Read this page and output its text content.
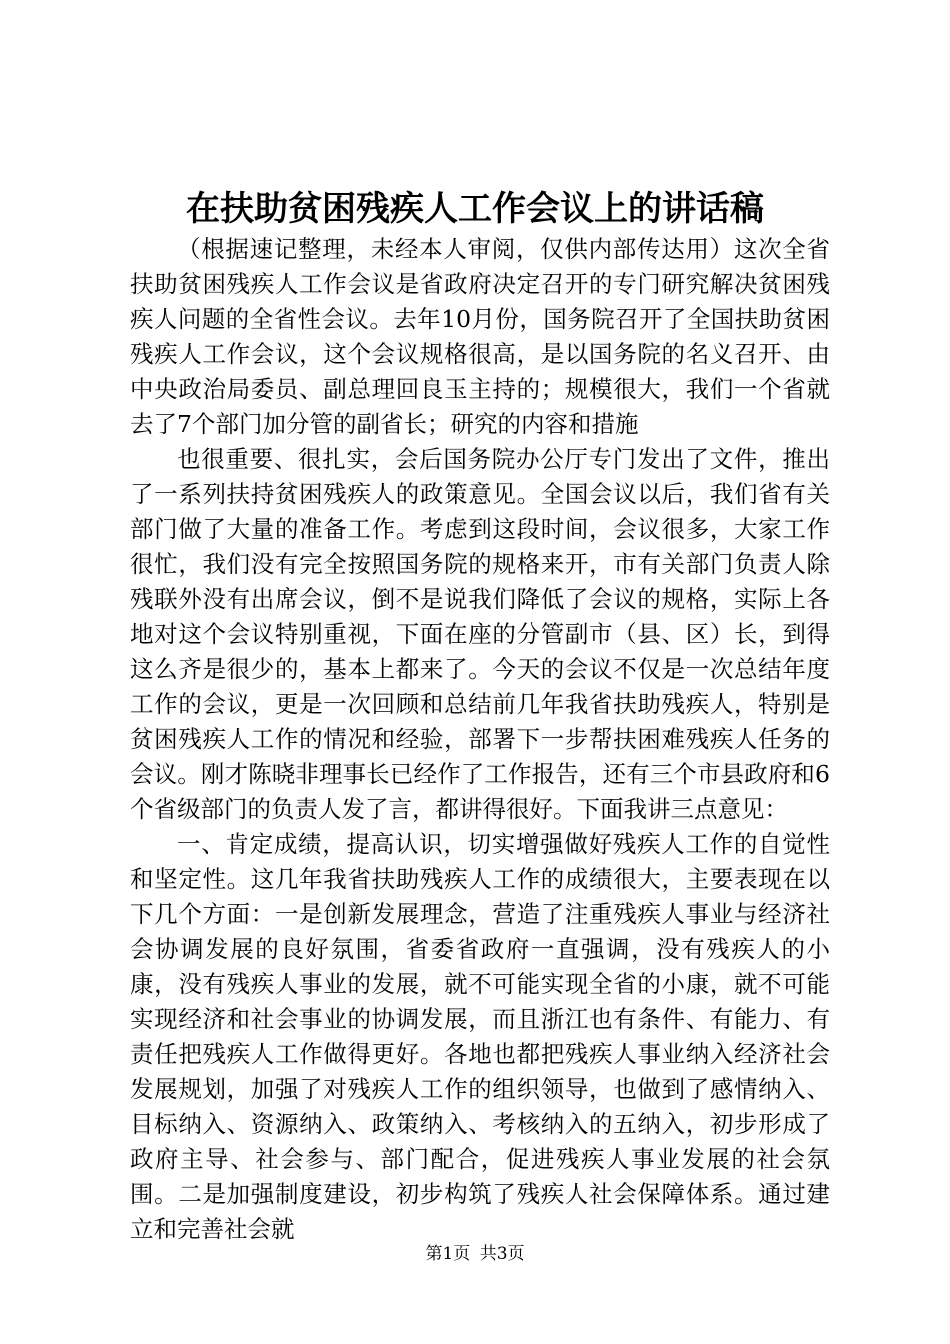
在扶助贫困残疾人工作会议上的讲话稿

（根据速记整理，未经本人审阅，仅供内部传达用）这次全省扶助贫困残疾人工作会议是省政府决定召开的专门研究解决贫困残疾人问题的全省性会议。去年10月份，国务院召开了全国扶助贫困残疾人工作会议，这个会议规格很高，是以国务院的名义召开、由中央政治局委员、副总理回良玉主持的；规模很大，我们一个省就去了7个部门加分管的副省长；研究的内容和措施

也很重要、很扎实，会后国务院办公厅专门发出了文件，推出了一系列扶持贫困残疾人的政策意见。全国会议以后，我们省有关部门做了大量的准备工作。考虑到这段时间，会议很多，大家工作很忙，我们没有完全按照国务院的规格来开，市有关部门负责人除残联外没有出席会议，倒不是说我们降低了会议的规格，实际上各地对这个会议特别重视，下面在座的分管副市（县、区）长，到得这么齐是很少的，基本上都来了。今天的会议不仅是一次总结年度工作的会议，更是一次回顾和总结前几年我省扶助残疾人，特别是贫困残疾人工作的情况和经验，部署下一步帮扶困难残疾人任务的会议。刚才陈晓非理事长已经作了工作报告，还有三个市县政府和6个省级部门的负责人发了言，都讲得很好。下面我讲三点意见：

一、肯定成绩，提高认识，切实增强做好残疾人工作的自觉性和坚定性。这几年我省扶助残疾人工作的成绩很大，主要表现在以下几个方面：一是创新发展理念，营造了注重残疾人事业与经济社会协调发展的良好氛围，省委省政府一直强调，没有残疾人的小康，没有残疾人事业的发展，就不可能实现全省的小康，就不可能实现经济和社会事业的协调发展，而且浙江也有条件、有能力、有责任把残疾人工作做得更好。各地也都把残疾人事业纳入经济社会发展规划，加强了对残疾人工作的组织领导，也做到了感情纳入、目标纳入、资源纳入、政策纳入、考核纳入的五纳入，初步形成了政府主导、社会参与、部门配合，促进残疾人事业发展的社会氛围。二是加强制度建设，初步构筑了残疾人社会保障体系。通过建立和完善社会就

第1页 共3页
